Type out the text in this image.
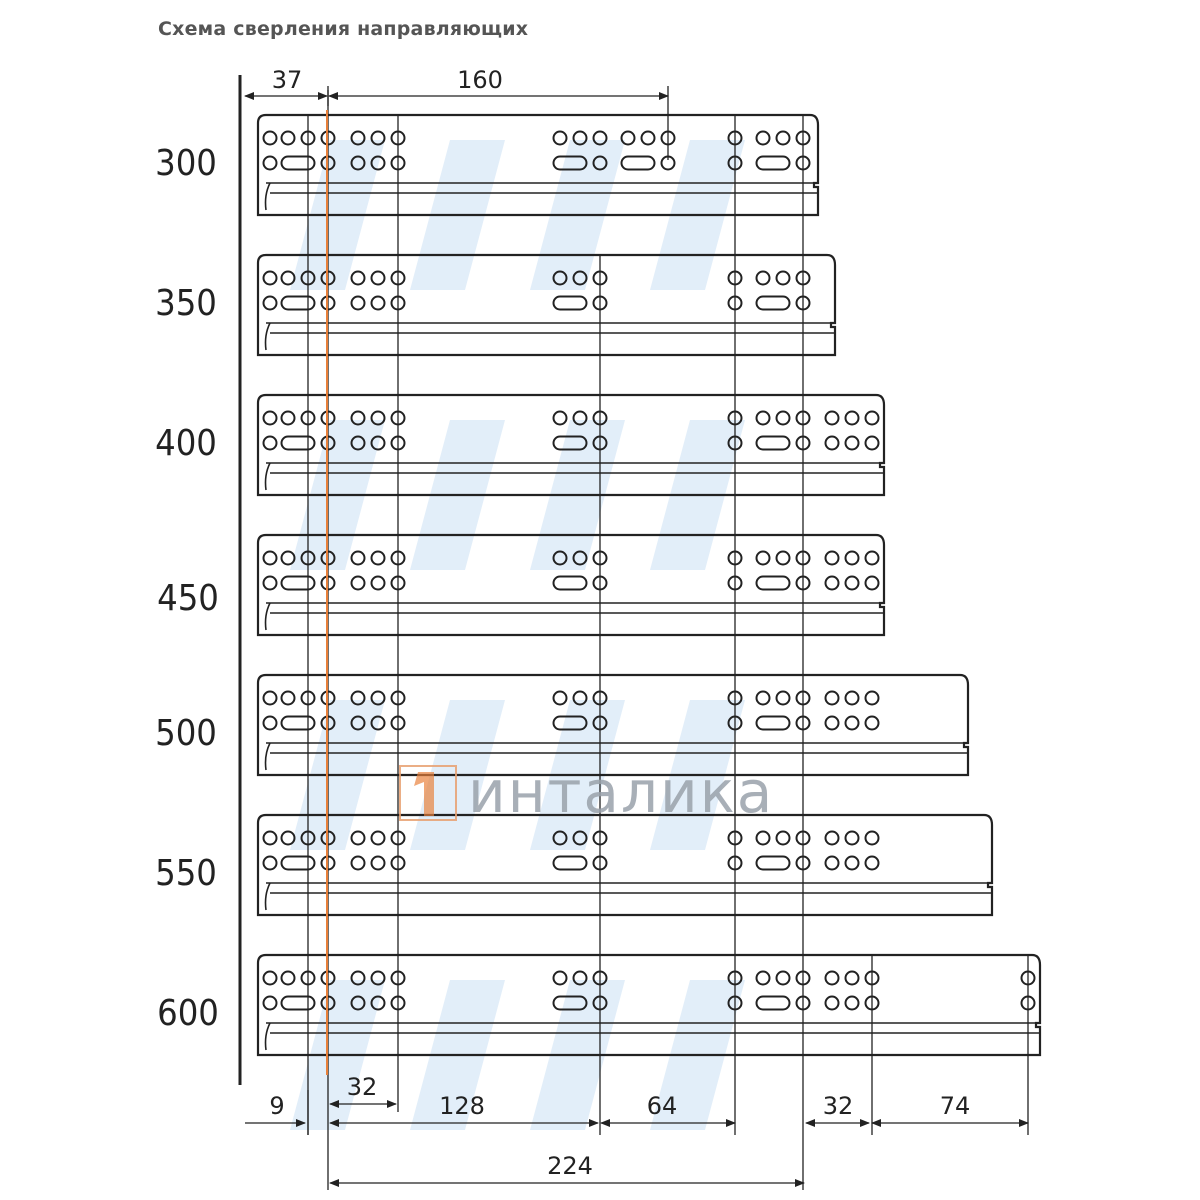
Схема сверления направляющих
37	160
9
32
128	64	32	74
224
инталика
300
350
400
450
500
550
600
